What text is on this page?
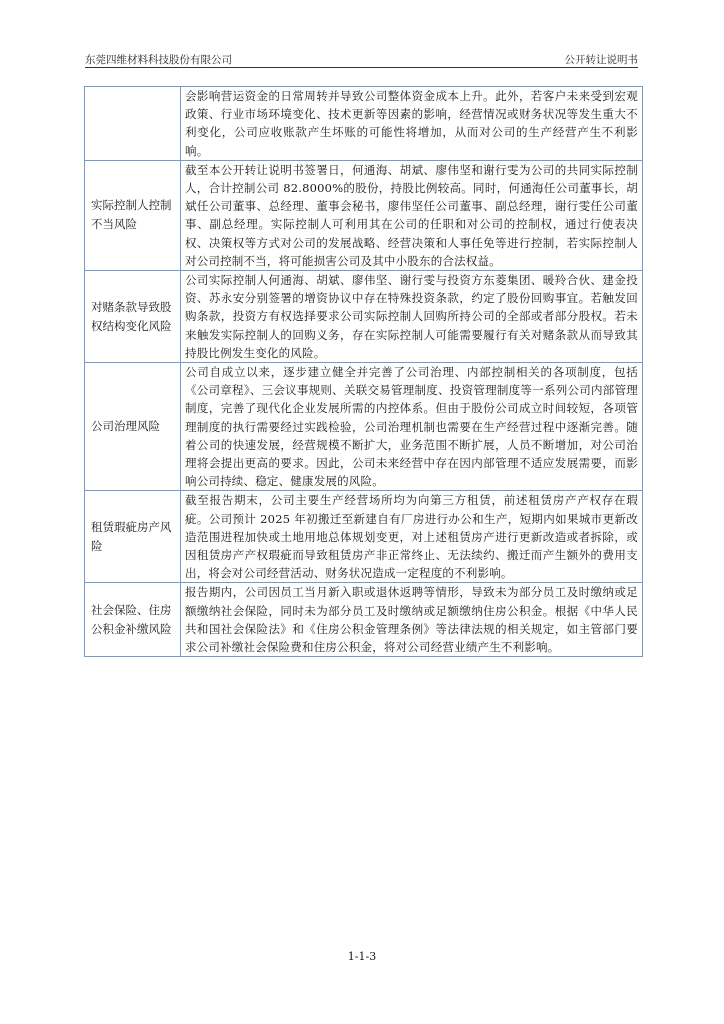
东莞四维材料科技股份有限公司	公开转让说明书
	会影响营运资金的日常周转并导致公司整体资金成本上升。此外，若客户未来受到宏观政策、行业市场环境变化、技术更新等因素的影响，经营情况或财务状况等发生重大不利变化，公司应收账款产生坏账的可能性将增加，从而对公司的生产经营产生不利影响。
实际控制人控制不当风险	截至本公开转让说明书签署日，何通海、胡斌、廖伟坚和谢行雯为公司的共同实际控制人，合计控制公司 82.8000%的股份，持股比例较高。同时，何通海任公司董事长，胡斌任公司董事、总经理、董事会秘书，廖伟坚任公司董事、副总经理，谢行雯任公司董事、副总经理。实际控制人可利用其在公司的任职和对公司的控制权，通过行使表决权、决策权等方式对公司的发展战略、经营决策和人事任免等进行控制，若实际控制人对公司控制不当，将可能损害公司及其中小股东的合法权益。
对赌条款导致股权结构变化风险	公司实际控制人何通海、胡斌、廖伟坚、谢行雯与投资方东菱集团、暖羚合伙、建金投资、苏永安分别签署的增资协议中存在特殊投资条款，约定了股份回购事宜。若触发回购条款，投资方有权选择要求公司实际控制人回购所持公司的全部或者部分股权。若未来触发实际控制人的回购义务，存在实际控制人可能需要履行有关对赌条款从而导致其持股比例发生变化的风险。
公司治理风险	公司自成立以来，逐步建立健全并完善了公司治理、内部控制相关的各项制度，包括《公司章程》、三会议事规则、关联交易管理制度、投资管理制度等一系列公司内部管理制度，完善了现代化企业发展所需的内控体系。但由于股份公司成立时间较短，各项管理制度的执行需要经过实践检验，公司治理机制也需要在生产经营过程中逐渐完善。随着公司的快速发展，经营规模不断扩大，业务范围不断扩展，人员不断增加，对公司治理将会提出更高的要求。因此，公司未来经营中存在因内部管理不适应发展需要，而影响公司持续、稳定、健康发展的风险。
租赁瑕疵房产风险	截至报告期末，公司主要生产经营场所均为向第三方租赁，前述租赁房产产权存在瑕疵。公司预计 2025 年初搬迁至新建自有厂房进行办公和生产，短期内如果城市更新改造范围进程加快或土地用地总体规划变更，对上述租赁房产进行更新改造或者拆除，或因租赁房产产权瑕疵而导致租赁房产非正常终止、无法续约、搬迁而产生额外的费用支出，将会对公司经营活动、财务状况造成一定程度的不利影响。
社会保险、住房公积金补缴风险	报告期内，公司因员工当月新入职或退休返聘等情形，导致未为部分员工及时缴纳或足额缴纳社会保险，同时未为部分员工及时缴纳或足额缴纳住房公积金。根据《中华人民共和国社会保险法》和《住房公积金管理条例》等法律法规的相关规定，如主管部门要求公司补缴社会保险费和住房公积金，将对公司经营业绩产生不利影响。
1-1-3
